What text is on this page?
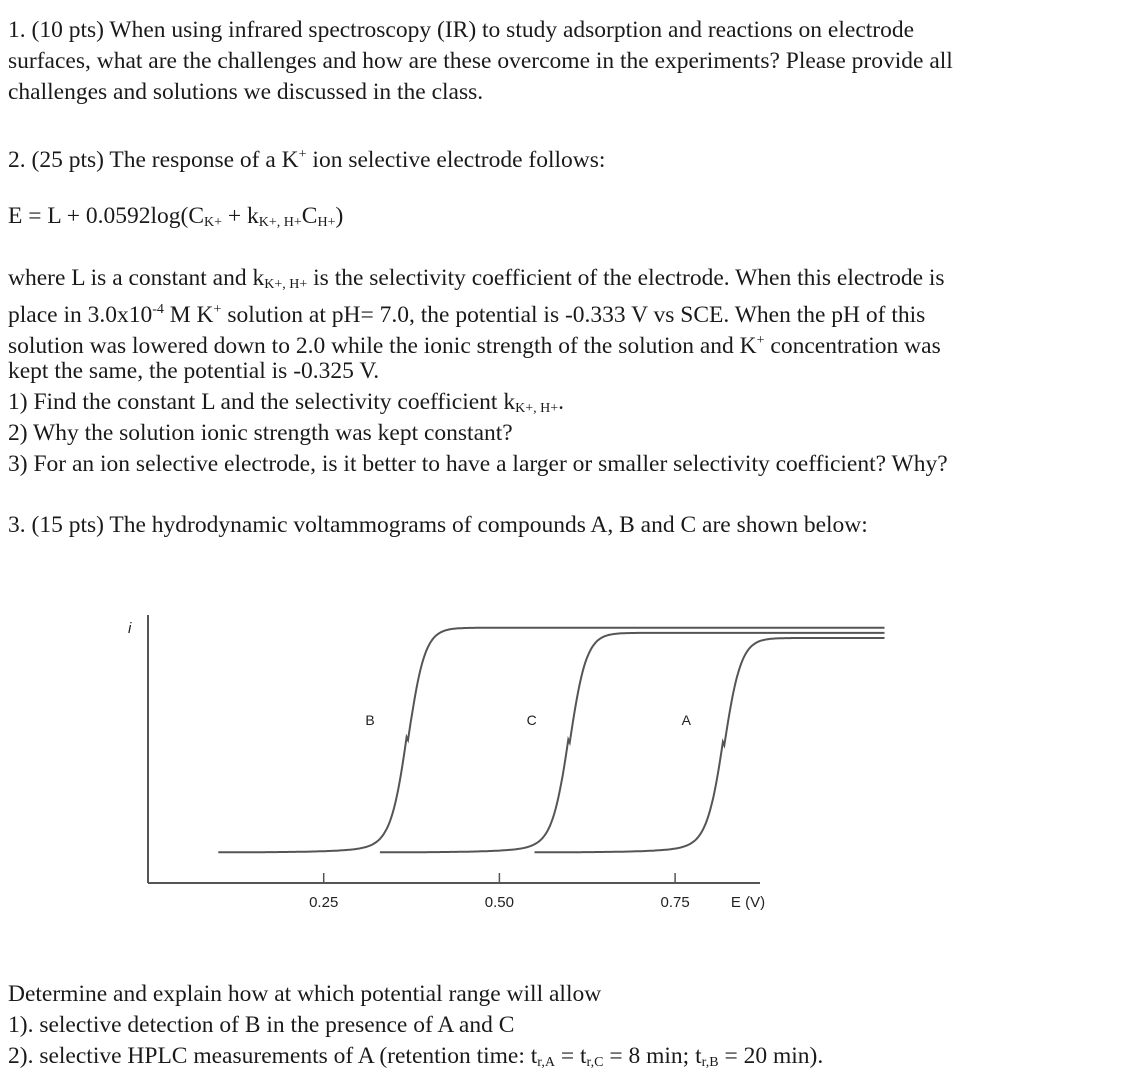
1. (10 pts) When using infrared spectroscopy (IR) to study adsorption and reactions on electrode
surfaces, what are the challenges and how are these overcome in the experiments? Please provide all
challenges and solutions we discussed in the class.
2. (25 pts) The response of a K+ ion selective electrode follows:
$E = L + 0.0592\log(C_{K+} + k_{K+, H+}C_{H+})$
where L is a constant and $k_{K+, H+}$ is the selectivity coefficient of the electrode. When this electrode is
place in $3.0x10^{-4}$ M K+ solution at pH= 7.0, the potential is -0.333 V vs SCE. When the pH of this
solution was lowered down to 2.0 while the ionic strength of the solution and K+ concentration was
kept the same, the potential is -0.325 V.
1) Find the constant L and the selectivity coefficient $k_{K+, H+}$.
2) Why the solution ionic strength was kept constant?
3) For an ion selective electrode, is it better to have a larger or smaller selectivity coefficient? Why?
3. (15 pts) The hydrodynamic voltammograms of compounds A, B and C are shown below:
i
0.25	0.50	0.75	E (V)
B	C	A
Determine and explain how at which potential range will allow
1). selective detection of B in the presence of A and C
2). selective HPLC measurements of A (retention time: $t_{r,A} = t_{r,C} = 8$ min; $t_{r,B} = 20$ min).
